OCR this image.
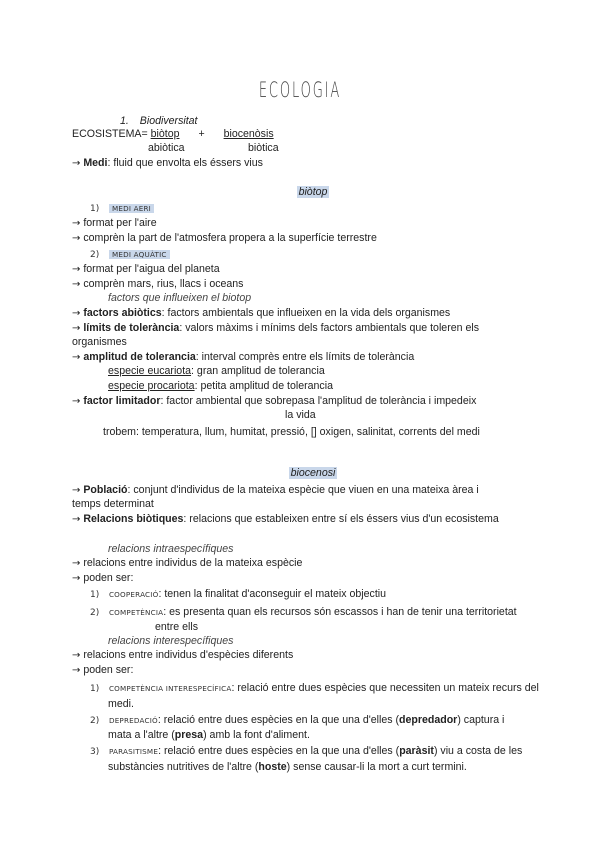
ECOLOGIA
1. Biodiversitat
ECOSISTEMA= biòtop + biocenòsis
abiòtica	biòtica
→ Medi: fluid que envolta els éssers vius
biòtop
1) MEDI AERI
→ format per l'aire
→ comprèn la part de l'atmosfera propera a la superfície terrestre
2) MEDI AQUÀTIC
→ format per l'aigua del planeta
→ comprèn mars, rius, llacs i oceans
factors que influeixen el biotop
→ factors abiòtics: factors ambientals que influeixen en la vida dels organismes
→ límits de tolerància: valors màxims i mínims dels factors ambientals que toleren els
organismes
→ amplitud de tolerancia: interval comprès entre els límits de tolerància
especie eucariota: gran amplitud de tolerancia
especie procariota: petita amplitud de tolerancia
→ factor limitador: factor ambiental que sobrepasa l'amplitud de tolerància i impedeix
la vida
trobem: temperatura, llum, humitat, pressió, [] oxigen, salinitat, corrents del medi
biocenosi
→ Població: conjunt d'individus de la mateixa espècie que viuen en una mateixa àrea i
temps determinat
→ Relacions biòtiques: relacions que estableixen entre sí els éssers vius d'un ecosistema
relacions intraespecífiques
→ relacions entre individus de la mateixa espècie
→ poden ser:
1) COOPERACIÓ: tenen la finalitat d'aconseguir el mateix objectiu
2) COMPETÈNCIA: es presenta quan els recursos són escassos i han de tenir una territorietat
entre ells
relacions interespecífiques
→ relacions entre individus d'espècies diferents
→ poden ser:
1) COMPETÈNCIA INTERESPECÍFICA: relació entre dues espècies que necessiten un mateix recurs del
medi.
2) DEPREDACIÓ: relació entre dues espècies en la que una d'elles (depredador) captura i
mata a l'altre (presa) amb la font d'aliment.
3) PARASITISME: relació entre dues espècies en la que una d'elles (paràsit) viu a costa de les
substàncies nutritives de l'altre (hoste) sense causar-li la mort a curt termini.
